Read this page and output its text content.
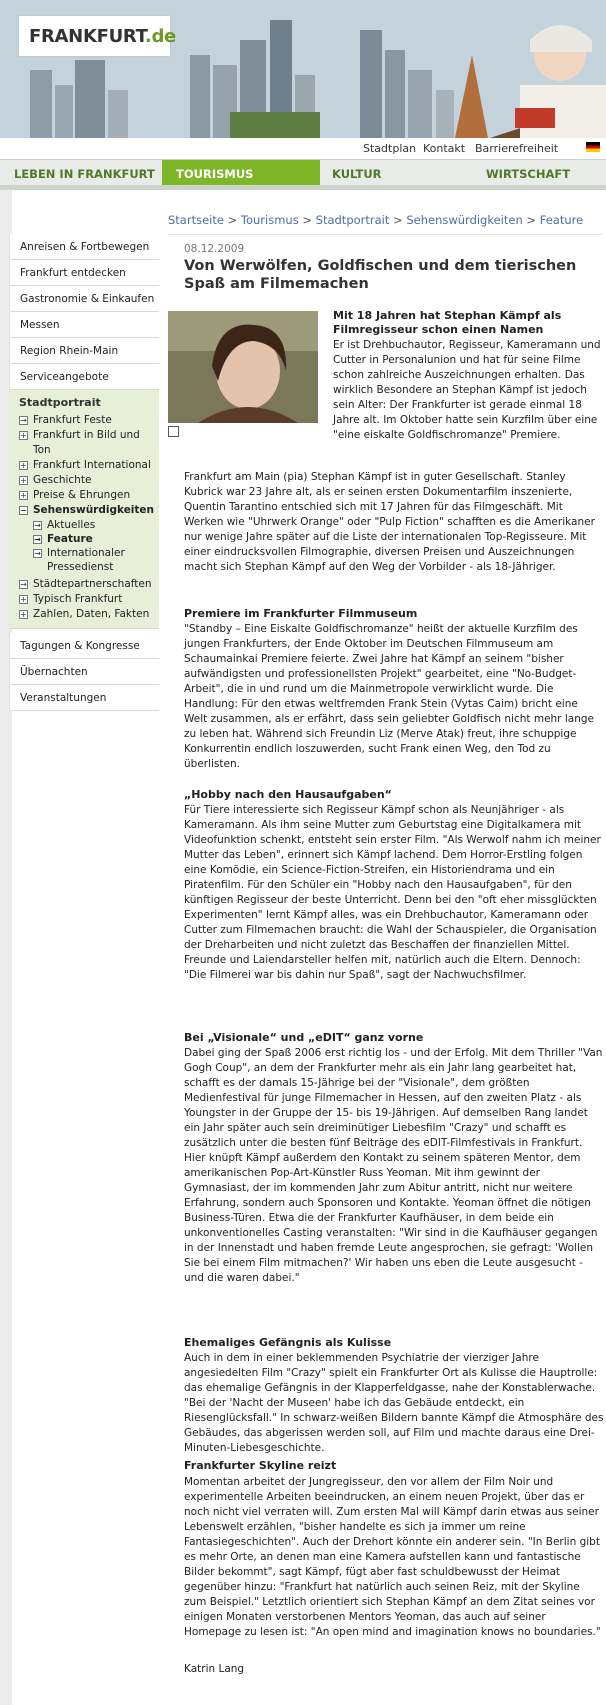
FRANKFURT.de
Stadtplan Kontakt Barrierefreiheit
LEBEN IN FRANKFURT	TOURISMUS	KULTUR	WIRTSCHAFT
Startseite > Tourismus > Stadtportrait > Sehenswürdigkeiten > Feature
Anreisen & Fortbewegen
Frankfurt entdecken
Gastronomie & Einkaufen
Messen
Region Rhein-Main
Serviceangebote
Stadtportrait
→ Frankfurt Feste
+ Frankfurt in Bild und Ton
+ Frankfurt International
+ Geschichte
+ Preise & Ehrungen
− Sehenswürdigkeiten
→ Aktuelles
→ Feature
→ Internationaler Pressedienst
→ Städtepartnerschaften
+ Typisch Frankfurt
+ Zahlen, Daten, Fakten
Tagungen & Kongresse
Übernachten
Veranstaltungen
08.12.2009
Von Werwölfen, Goldfischen und dem tierischen Spaß am Filmemachen
Mit 18 Jahren hat Stephan Kämpf als Filmregisseur schon einen Namen
Er ist Drehbuchautor, Regisseur, Kameramann und Cutter in Personalunion und hat für seine Filme schon zahlreiche Auszeichnungen erhalten. Das wirklich Besondere an Stephan Kämpf ist jedoch sein Alter: Der Frankfurter ist gerade einmal 18 Jahre alt. Im Oktober hatte sein Kurzfilm über eine "eine eiskalte Goldfischromanze" Premiere.
Frankfurt am Main (pia) Stephan Kämpf ist in guter Gesellschaft. Stanley Kubrick war 23 Jahre alt, als er seinen ersten Dokumentarfilm inszenierte, Quentin Tarantino entschied sich mit 17 Jahren für das Filmgeschäft. Mit Werken wie "Uhrwerk Orange" oder "Pulp Fiction" schafften es die Amerikaner nur wenige Jahre später auf die Liste der internationalen Top-Regisseure. Mit einer eindrucksvollen Filmographie, diversen Preisen und Auszeichnungen macht sich Stephan Kämpf auf den Weg der Vorbilder - als 18-Jähriger.
Premiere im Frankfurter Filmmuseum
"Standby – Eine Eiskalte Goldfischromanze" heißt der aktuelle Kurzfilm des jungen Frankfurters, der Ende Oktober im Deutschen Filmmuseum am Schaumainkai Premiere feierte. Zwei Jahre hat Kämpf an seinem "bisher aufwändigsten und professionellsten Projekt" gearbeitet, eine "No-Budget-Arbeit", die in und rund um die Mainmetropole verwirklicht wurde. Die Handlung: Für den etwas weltfremden Frank Stein (Vytas Caim) bricht eine Welt zusammen, als er erfährt, dass sein geliebter Goldfisch nicht mehr lange zu leben hat. Während sich Freundin Liz (Merve Atak) freut, ihre schuppige Konkurrentin endlich loszuwerden, sucht Frank einen Weg, den Tod zu überlisten.
„Hobby nach den Hausaufgaben“
Für Tiere interessierte sich Regisseur Kämpf schon als Neunjähriger - als Kameramann. Als ihm seine Mutter zum Geburtstag eine Digitalkamera mit Videofunktion schenkt, entsteht sein erster Film. "Als Werwolf nahm ich meiner Mutter das Leben", erinnert sich Kämpf lachend. Dem Horror-Erstling folgen eine Komödie, ein Science-Fiction-Streifen, ein Historiendrama und ein Piratenfilm. Für den Schüler ein "Hobby nach den Hausaufgaben", für den künftigen Regisseur der beste Unterricht. Denn bei den "oft eher missglückten Experimenten" lernt Kämpf alles, was ein Drehbuchautor, Kameramann oder Cutter zum Filmemachen braucht: die Wahl der Schauspieler, die Organisation der Dreharbeiten und nicht zuletzt das Beschaffen der finanziellen Mittel. Freunde und Laiendarsteller helfen mit, natürlich auch die Eltern. Dennoch: "Die Filmerei war bis dahin nur Spaß", sagt der Nachwuchsfilmer.
Bei „Visionale“ und „eDIT“ ganz vorne
Dabei ging der Spaß 2006 erst richtig los - und der Erfolg. Mit dem Thriller "Van Gogh Coup", an dem der Frankfurter mehr als ein Jahr lang gearbeitet hat, schafft es der damals 15-Jährige bei der "Visionale", dem größten Medienfestival für junge Filmemacher in Hessen, auf den zweiten Platz - als Youngster in der Gruppe der 15- bis 19-Jährigen. Auf demselben Rang landet ein Jahr später auch sein dreiminütiger Liebesfilm "Crazy" und schafft es zusätzlich unter die besten fünf Beiträge des eDIT-Filmfestivals in Frankfurt. Hier knüpft Kämpf außerdem den Kontakt zu seinem späteren Mentor, dem amerikanischen Pop-Art-Künstler Russ Yeoman. Mit ihm gewinnt der Gymnasiast, der im kommenden Jahr zum Abitur antritt, nicht nur weitere Erfahrung, sondern auch Sponsoren und Kontakte. Yeoman öffnet die nötigen Business-Türen. Etwa die der Frankfurter Kaufhäuser, in dem beide ein unkonventionelles Casting veranstalten: "Wir sind in die Kaufhäuser gegangen in der Innenstadt und haben fremde Leute angesprochen, sie gefragt: 'Wollen Sie bei einem Film mitmachen?' Wir haben uns eben die Leute ausgesucht - und die waren dabei."
Ehemaliges Gefängnis als Kulisse
Auch in dem in einer beklemmenden Psychiatrie der vierziger Jahre angesiedelten Film "Crazy" spielt ein Frankfurter Ort als Kulisse die Hauptrolle: das ehemalige Gefängnis in der Klapperfeldgasse, nahe der Konstablerwache. "Bei der 'Nacht der Museen' habe ich das Gebäude entdeckt, ein Riesenglücksfall." In schwarz-weißen Bildern bannte Kämpf die Atmosphäre des Gebäudes, das abgerissen werden soll, auf Film und machte daraus eine Drei-Minuten-Liebesgeschichte.
Frankfurter Skyline reizt
Momentan arbeitet der Jungregisseur, den vor allem der Film Noir und experimentelle Arbeiten beeindrucken, an einem neuen Projekt, über das er noch nicht viel verraten will. Zum ersten Mal will Kämpf darin etwas aus seiner Lebenswelt erzählen, "bisher handelte es sich ja immer um reine Fantasiegeschichten". Auch der Drehort könnte ein anderer sein. "In Berlin gibt es mehr Orte, an denen man eine Kamera aufstellen kann und fantastische Bilder bekommt", sagt Kämpf, fügt aber fast schuldbewusst der Heimat gegenüber hinzu: "Frankfurt hat natürlich auch seinen Reiz, mit der Skyline zum Beispiel." Letztlich orientiert sich Stephan Kämpf an dem Zitat seines vor einigen Monaten verstorbenen Mentors Yeoman, das auch auf seiner Homepage zu lesen ist: "An open mind and imagination knows no boundaries."
Katrin Lang
